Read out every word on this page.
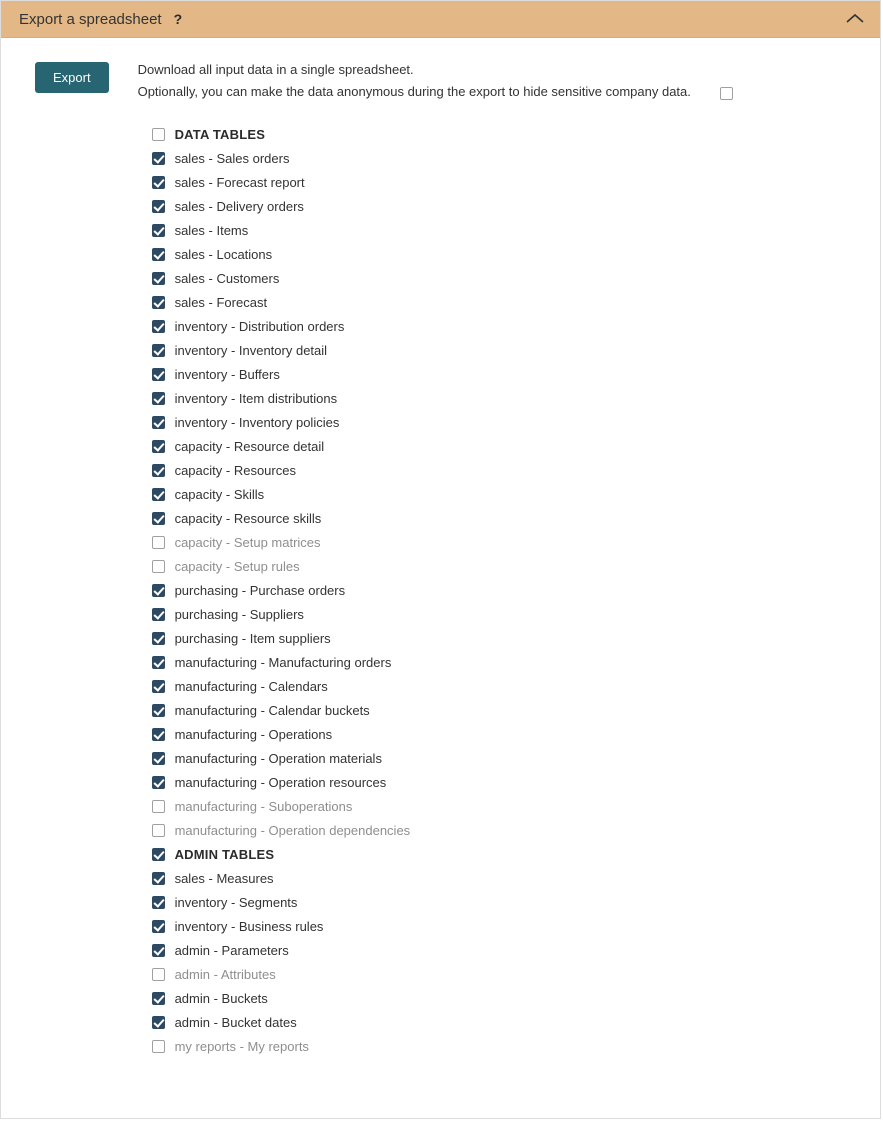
Export a spreadsheet ?
Export
Download all input data in a single spreadsheet.
Optionally, you can make the data anonymous during the export to hide sensitive company data.
DATA TABLES
sales - Sales orders
sales - Forecast report
sales - Delivery orders
sales - Items
sales - Locations
sales - Customers
sales - Forecast
inventory - Distribution orders
inventory - Inventory detail
inventory - Buffers
inventory - Item distributions
inventory - Inventory policies
capacity - Resource detail
capacity - Resources
capacity - Skills
capacity - Resource skills
capacity - Setup matrices
capacity - Setup rules
purchasing - Purchase orders
purchasing - Suppliers
purchasing - Item suppliers
manufacturing - Manufacturing orders
manufacturing - Calendars
manufacturing - Calendar buckets
manufacturing - Operations
manufacturing - Operation materials
manufacturing - Operation resources
manufacturing - Suboperations
manufacturing - Operation dependencies
ADMIN TABLES
sales - Measures
inventory - Segments
inventory - Business rules
admin - Parameters
admin - Attributes
admin - Buckets
admin - Bucket dates
my reports - My reports
